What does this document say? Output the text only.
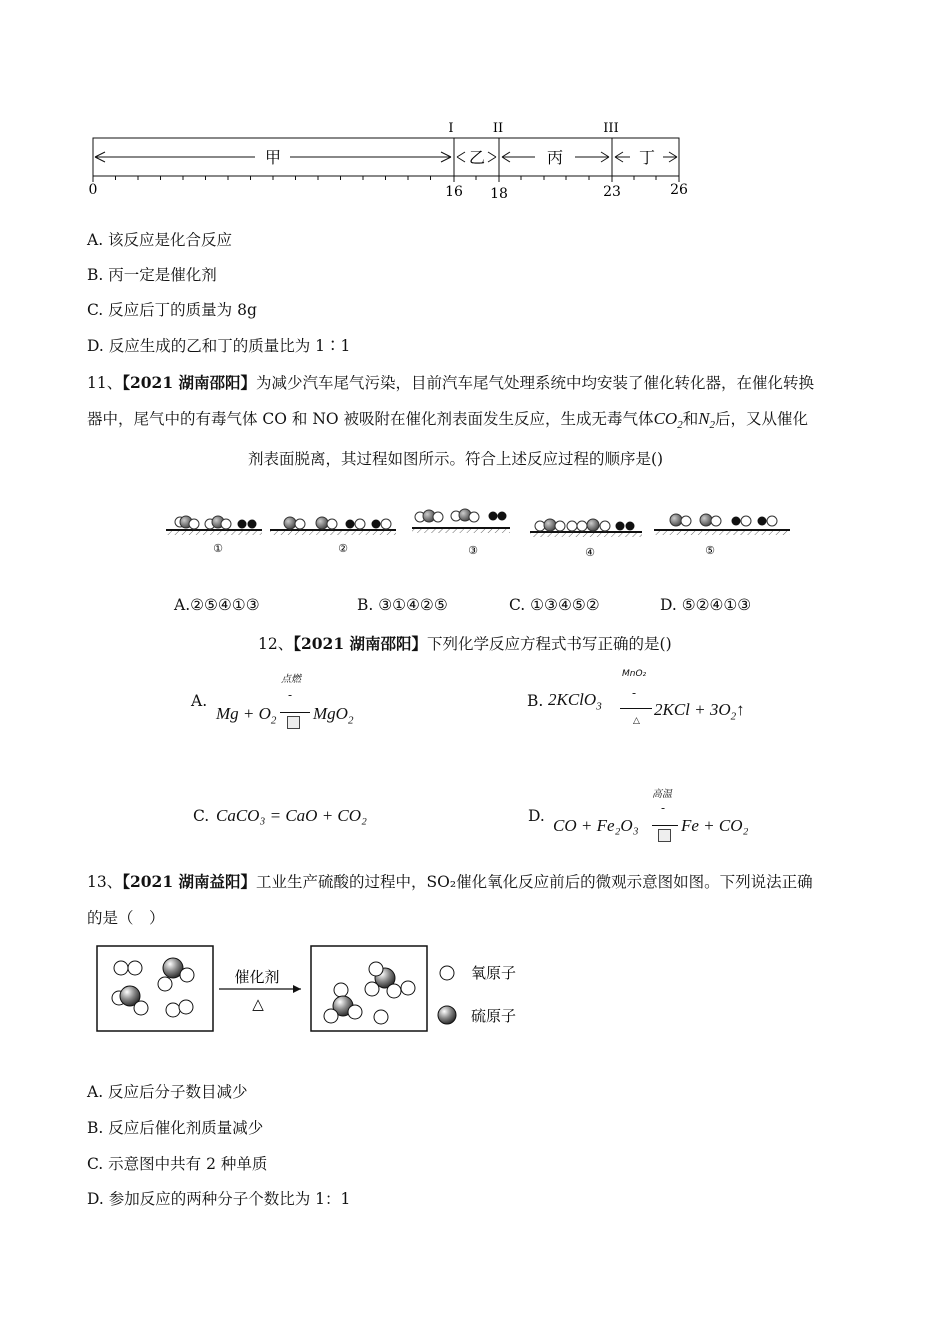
I	II	III
甲	乙	丙	丁
0	16 18	23	26
A. 该反应是化合反应
B. 丙一定是催化剂
C. 反应后丁的质量为 8g
D. 反应生成的乙和丁的质量比为 1∶1
11、【2021 湖南邵阳】为减少汽车尾气污染，目前汽车尾气处理系统中均安装了催化转化器，在催化转换
器中，尾气中的有毒气体 CO 和 NO 被吸附在催化剂表面发生反应，生成无毒气体$CO_2$和$N_2$后，又从催化
剂表面脱离，其过程如图所示。符合上述反应过程的顺序是()
①	②	③	④	⑤
A.②⑤④①③	B. ③①④②⑤	C. ①③④⑤②	D. ⑤②④①③
12、【2021 湖南邵阳】下列化学反应方程式书写正确的是()
A.
点燃
$Mg + O_2$
-
MgO$_2$
B.
MnO₂
2KClO$_3$
-
△
$2KCl + 3O_2↑$
C. CaCO₃ = CaO + CO₂	D.
高温
CO + Fe₂O₃
-
Fe + CO₂
13、【2021 湖南益阳】工业生产硫酸的过程中，SO₂催化氧化反应前后的微观示意图如图。下列说法正确
的是（　）
催化剂
△
氧原子
硫原子
A. 反应后分子数目减少
B. 反应后催化剂质量减少
C. 示意图中共有 2 种单质
D. 参加反应的两种分子个数比为 1：1
